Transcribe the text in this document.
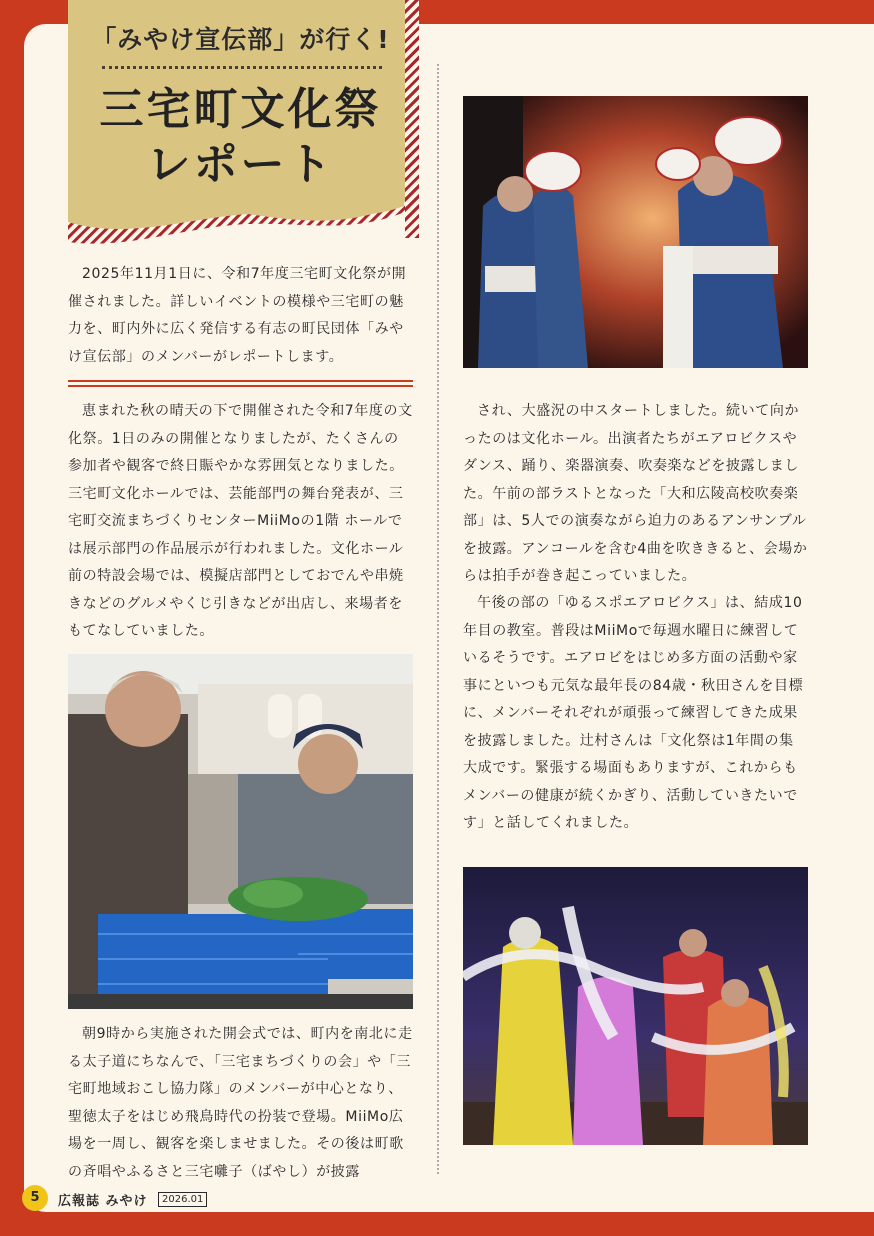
「みやけ宣伝部」が行く!
三宅町文化祭
レポート

2025年11月1日に、令和7年度三宅町文化祭が開催されました。詳しいイベントの模様や三宅町の魅力を、町内外に広く発信する有志の町民団体「みやけ宣伝部」のメンバーがレポートします。

恵まれた秋の晴天の下で開催された令和7年度の文化祭。1日のみの開催となりましたが、たくさんの参加者や観客で終日賑やかな雰囲気となりました。三宅町文化ホールでは、芸能部門の舞台発表が、三宅町交流まちづくりセンターMiiMoの1階 ホールでは展示部門の作品展示が行われました。文化ホール前の特設会場では、模擬店部門としておでんや串焼きなどのグルメやくじ引きなどが出店し、来場者をもてなしていました。

朝9時から実施された開会式では、町内を南北に走る太子道にちなんで、「三宅まちづくりの会」や「三宅町地域おこし協力隊」のメンバーが中心となり、聖徳太子をはじめ飛鳥時代の扮装で登場。MiiMo広場を一周し、観客を楽しませました。その後は町歌の斉唱やふるさと三宅囃子（ばやし）が披露

され、大盛況の中スタートしました。続いて向かったのは文化ホール。出演者たちがエアロビクスやダンス、踊り、楽器演奏、吹奏楽などを披露しました。午前の部ラストとなった「大和広陵高校吹奏楽部」は、5人での演奏ながら迫力のあるアンサンブルを披露。アンコールを含む4曲を吹ききると、会場からは拍手が巻き起こっていました。

午後の部の「ゆるスポエアロビクス」は、結成10年目の教室。普段はMiiMoで毎週水曜日に練習しているそうです。エアロビをはじめ多方面の活動や家事にといつも元気な最年長の84歳・秋田さんを目標に、メンバーそれぞれが頑張って練習してきた成果を披露しました。辻村さんは「文化祭は1年間の集大成です。緊張する場面もありますが、これからもメンバーの健康が続くかぎり、活動していきたいです」と話してくれました。

5	広報誌 みやけ	2026.01
